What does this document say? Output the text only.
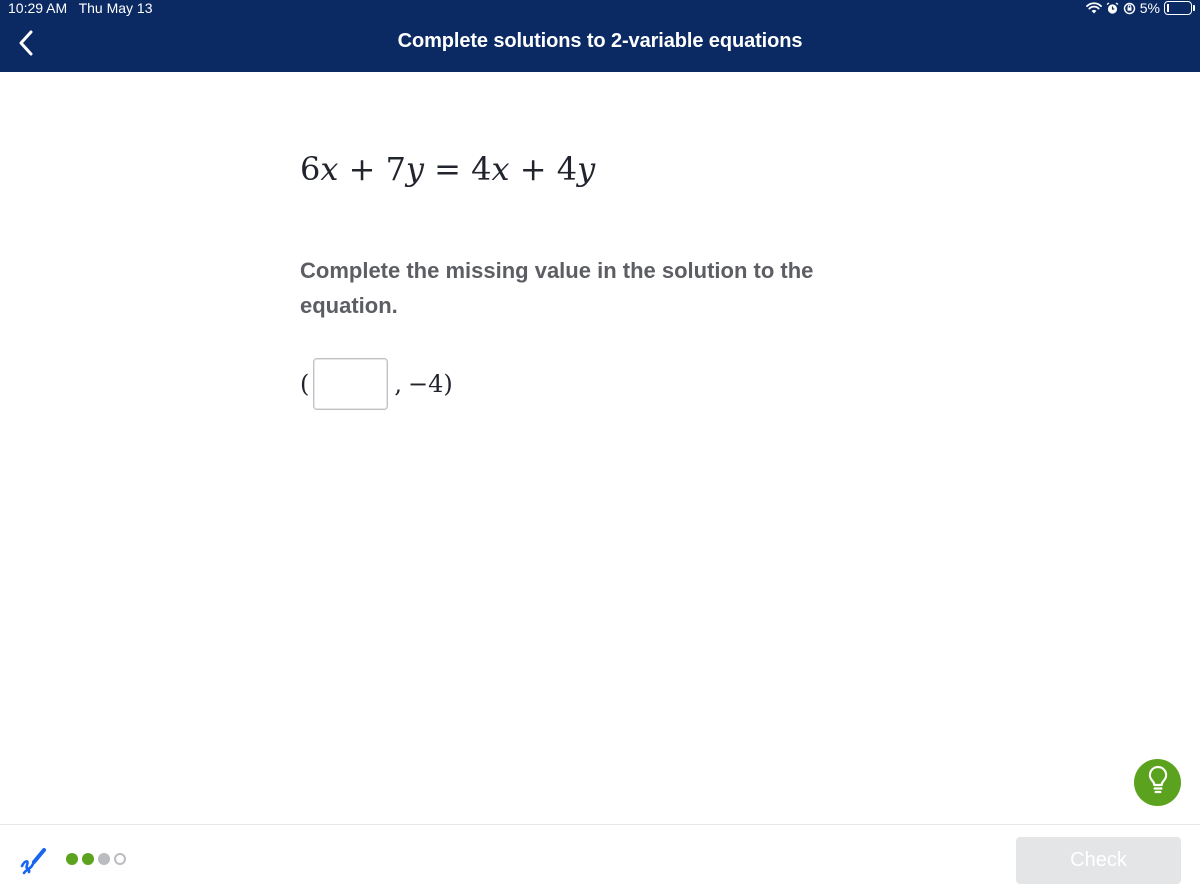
10:29 AM Thu May 13	5%
Complete solutions to 2-variable equations
6x + 7y = 4x + 4y
Complete the missing value in the solution to the equation.
(	, −4 )
Check
